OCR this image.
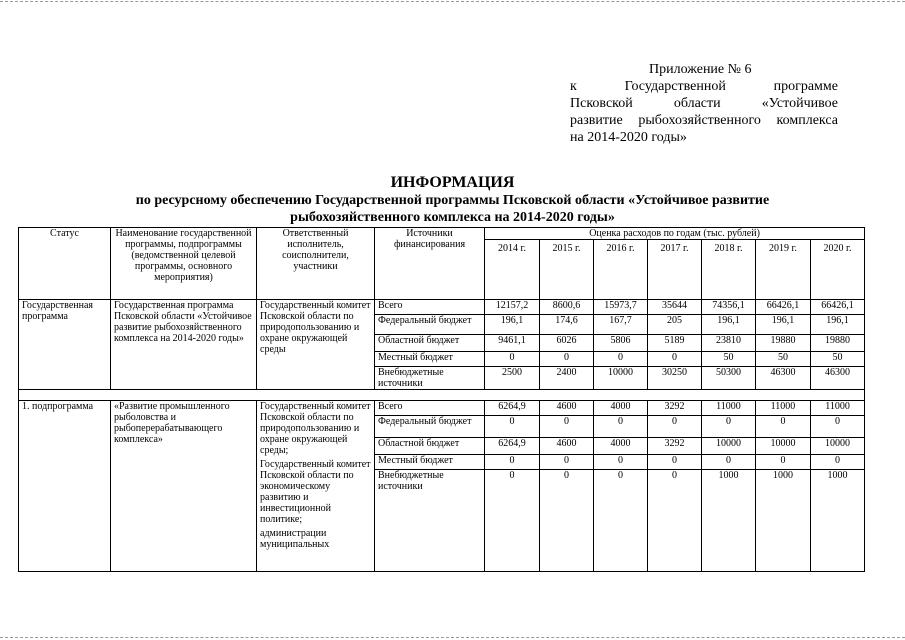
Приложение № 6
к Государственной программе
Псковской области «Устойчивое
развитие рыбохозяйственного комплекса
на 2014-2020 годы»
ИНФОРМАЦИЯ
по ресурсному обеспечению Государственной программы Псковской области «Устойчивое развитие
рыбохозяйственного комплекса на 2014-2020 годы»
Статус	Наименование государственной программы, подпрограммы (ведомственной целевой программы, основного мероприятия)	Ответственный исполнитель, соисполнители, участники	Источники финансирования	Оценка расходов по годам (тыс. рублей)						
				2014 г.	2015 г.	2016 г.	2017 г.	2018 г.	2019 г.	2020 г.
Государственная программа	Государственная программа Псковской области «Устойчивое развитие рыбохозяйственного комплекса на 2014-2020 годы»	Государственный комитет Псковской области по природопользованию и охране окружающей среды	Всего	12157,2	8600,6	15973,7	35644	74356,1	66426,1	66426,1
			Федеральный бюджет	196,1	174,6	167,7	205	196,1	196,1	196,1
			Областной бюджет	9461,1	6026	5806	5189	23810	19880	19880
			Местный бюджет	0	0	0	0	50	50	50
			Внебюджетные источники	2500	2400	10000	30250	50300	46300	46300

1. подпрограмма	«Развитие промышленного рыболовства и рыбоперерабатывающего комплекса»	Государственный комитет Псковской области по природопользованию и охране окружающей среды;
Государственный комитет Псковской области по экономическому развитию и инвестиционной политике;
администрации муниципальных	Всего	6264,9	4600	4000	3292	11000	11000	11000
			Федеральный бюджет	0	0	0	0	0	0	0
			Областной бюджет	6264,9	4600	4000	3292	10000	10000	10000
			Местный бюджет	0	0	0	0	0	0	0
			Внебюджетные источники	0	0	0	0	1000	1000	1000
